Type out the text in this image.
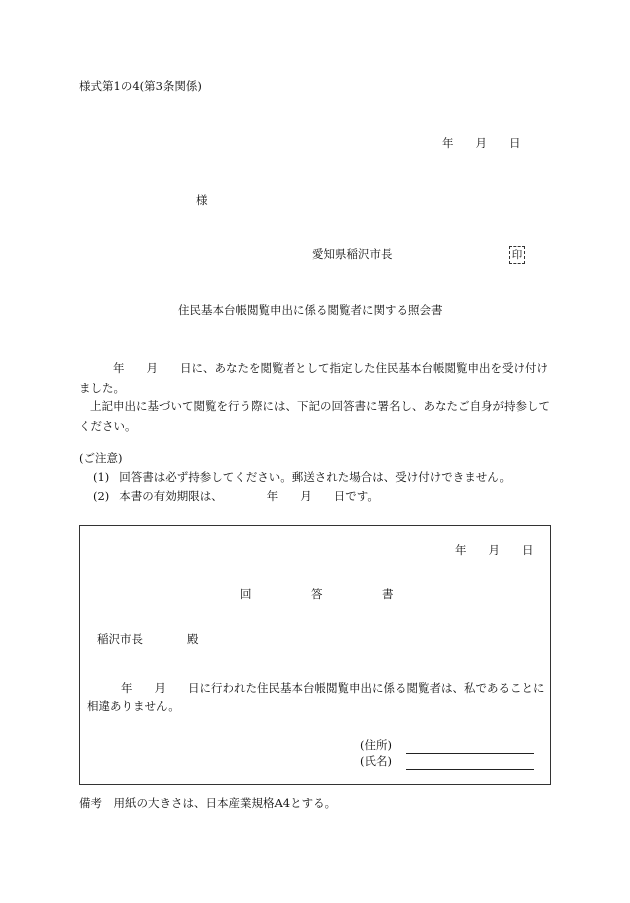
様式第1の4(第3条関係)
年 月 日
様
愛知県稲沢市長	印
住民基本台帳閲覧申出に係る閲覧者に関する照会書
年 月 日に、あなたを閲覧者として指定した住民基本台帳閲覧申出を受け付けました。
上記申出に基づいて閲覧を行う際には、下記の回答書に署名し、あなたご自身が持参してください。
(ご注意)
(1) 回答書は必ず持参してください。郵送された場合は、受け付けできません。
(2) 本書の有効期限は、	年 月 日です。
年 月 日
回	答	書
稲沢市長	殿
年 月 日に行われた住民基本台帳閲覧申出に係る閲覧者は、私であることに相違ありません。
(住所)
(氏名)
備考　用紙の大きさは、日本産業規格A4とする。
